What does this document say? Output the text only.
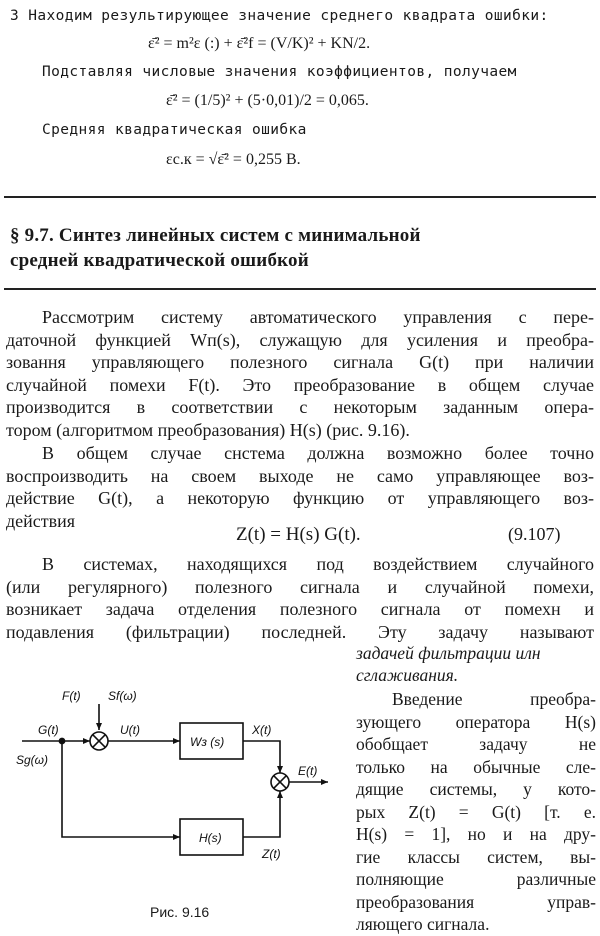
3 Находим результирующее значение среднего квадрата ошибки:
ε̄² = m²ε (:) + ε̄²f = (V/K)² + KN/2.
Подставляя числовые значения коэффициентов, получаем
ε̄² = (1/5)² + (5·0,01)/2 = 0,065.
Средняя квадратическая ошибка
εс.к = √ε̄² = 0,255 В.
§ 9.7. Синтез линейных систем с минимальной
средней квадратической ошибкой
Рассмотрим систему автоматического управления с пере-
даточной функцией Wп(s), служащую для усиления и преобра-
зовання управляющего полезного сигнала G(t) при наличии
случайной помехи F(t). Это преобразование в общем случае
производится в соответствии с некоторым заданным опера-
тором (алгоритмом преобразования) H(s) (рис. 9.16).
В общем случае снстема должна возможно более точно
воспроизводить на своем выходе не само управляющее воз-
действие G(t), а некоторую функцию от управляющего воз-
действия
Z(t) = H(s) G(t).	(9.107)
В системах, находящихся под воздействием случайного
(или регулярного) полезного сигнала и случайной помехи,
возникает задача отделения полезного сигнала от помехн и
подавления (фильтрации) последней. Эту задачу называют
задачей фильтрации илн
сглаживания.
Введение преобра-
зующего оператора H(s)
обобщает задачу не
только на обычные сле-
дящие системы, у кото-
рых Z(t) = G(t) [т. е.
H(s) = 1], но и на дру-
гие классы систем, вы-
полняющие различные
преобразования управ-
ляющего сигнала.
F(t) Sf(ω)
G(t)
Sg(ω)
U(t)
Wз (s)
X(t)
E(t)
H(s)
Z(t)
Рис. 9.16
